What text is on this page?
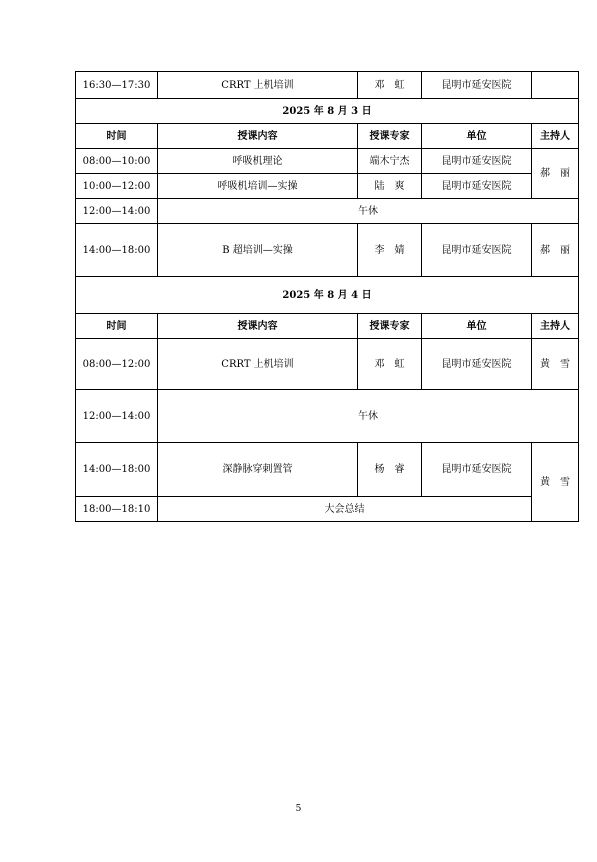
16:30—17:30	CRRT 上机培训	邓　虹	昆明市延安医院	
2025 年 8 月 3 日				
时间	授课内容	授课专家	单位	主持人
08:00—10:00	呼吸机理论	端木宁杰	昆明市延安医院	郝　丽
10:00—12:00	呼吸机培训—实操	陆　爽	昆明市延安医院	
12:00—14:00	午休			
14:00—18:00	B 超培训—实操	李　婧	昆明市延安医院	郝　丽
2025 年 8 月 4 日				
时间	授课内容	授课专家	单位	主持人
08:00—12:00	CRRT 上机培训	邓　虹	昆明市延安医院	黄　雪
12:00—14:00	午休			
14:00—18:00	深静脉穿刺置管	杨　睿	昆明市延安医院	黄　雪
18:00—18:10	大会总结			
5
